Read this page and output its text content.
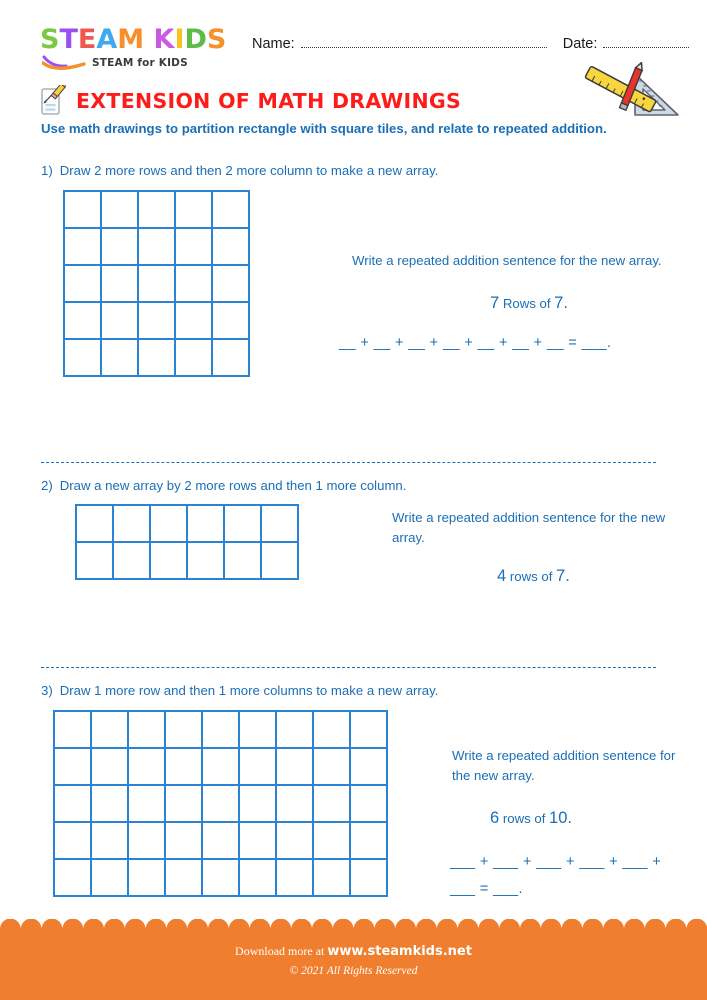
STEAM KIDS
STEAM for KIDS
Name:	Date:
EXTENSION OF MATH DRAWINGS
Use math drawings to partition rectangle with square tiles, and relate to repeated addition.
1) Draw 2 more rows and then 2 more column to make a new array.
Write a repeated addition sentence for the new array.
7 Rows of 7.
__ + __ + __ + __ + __ + __ + __ = ___.
2) Draw a new array by 2 more rows and then 1 more column.
Write a repeated addition sentence for the new array.
4 rows of 7.
3) Draw 1 more row and then 1 more columns to make a new array.
Write a repeated addition sentence for the new array.
6 rows of 10.
___ + ___ + ___ + ___ + ___ + ___ = ___.
Download more at www.steamkids.net
© 2021 All Rights Reserved
